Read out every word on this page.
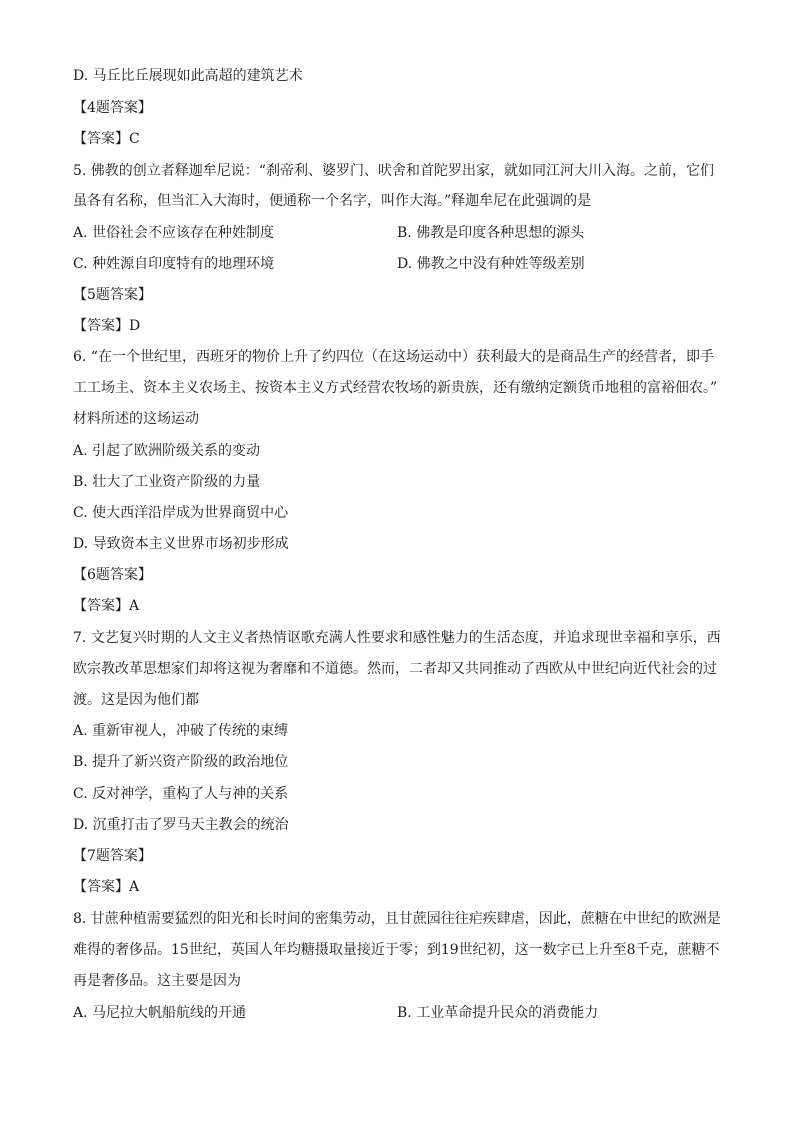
D. 马丘比丘展现如此高超的建筑艺术
【4题答案】
【答案】C
5. 佛教的创立者释迦牟尼说：“刹帝利、婆罗门、吠舍和首陀罗出家，就如同江河大川入海。之前，它们
虽各有名称，但当汇入大海时，便通称一个名字，叫作大海。”释迦牟尼在此强调的是
A. 世俗社会不应该存在种姓制度	B. 佛教是印度各种思想的源头
C. 种姓源自印度特有的地理环境	D. 佛教之中没有种姓等级差别
【5题答案】
【答案】D
6. “在一个世纪里，西班牙的物价上升了约四位（在这场运动中）获利最大的是商品生产的经营者，即手
工工场主、资本主义农场主、按资本主义方式经营农牧场的新贵族，还有缴纳定额货币地租的富裕佃农。”
材料所述的这场运动
A. 引起了欧洲阶级关系的变动
B. 壮大了工业资产阶级的力量
C. 使大西洋沿岸成为世界商贸中心
D. 导致资本主义世界市场初步形成
【6题答案】
【答案】A
7. 文艺复兴时期的人文主义者热情讴歌充满人性要求和感性魅力的生活态度，并追求现世幸福和享乐，西
欧宗教改革思想家们却将这视为奢靡和不道德。然而，二者却又共同推动了西欧从中世纪向近代社会的过
渡。这是因为他们都
A. 重新审视人，冲破了传统的束缚
B. 提升了新兴资产阶级的政治地位
C. 反对神学，重构了人与神的关系
D. 沉重打击了罗马天主教会的统治
【7题答案】
【答案】A
8. 甘蔗种植需要猛烈的阳光和长时间的密集劳动，且甘蔗园往往疟疾肆虐，因此，蔗糖在中世纪的欧洲是
难得的奢侈品。15世纪，英国人年均糖摄取量接近于零；到19世纪初，这一数字已上升至8千克，蔗糖不
再是奢侈品。这主要是因为
A. 马尼拉大帆船航线的开通	B. 工业革命提升民众的消费能力
